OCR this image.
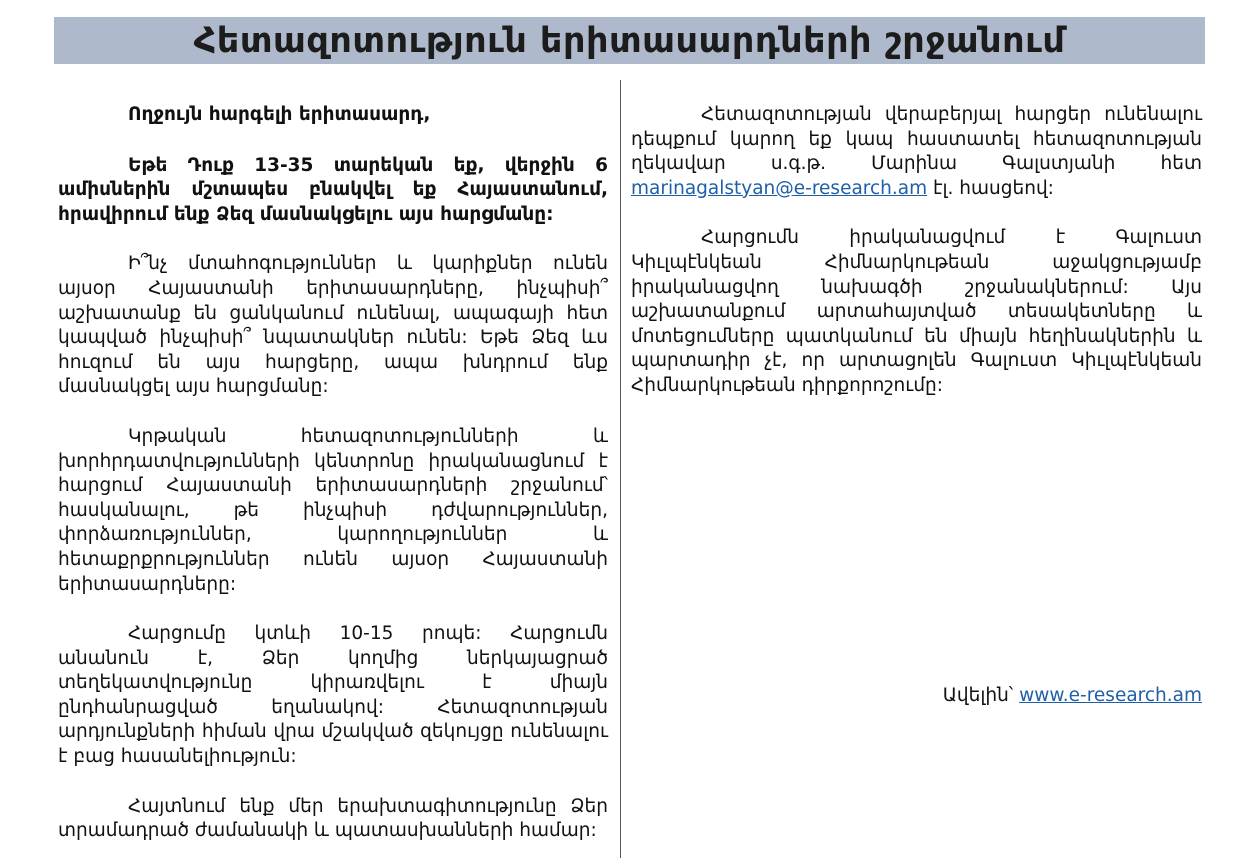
Հետազոտություն երիտասարդների շրջանում

Ողջույն հարգելի երիտասարդ,

Եթե Դուք 13-35 տարեկան եք, վերջին 6 ամիսներին մշտապես բնակվել եք Հայաստանում, հրավիրում ենք Ձեզ մասնակցելու այս հարցմանը:

Ի՞նչ մտահոգություններ և կարիքներ ունեն այսօր Հայաստանի երիտասարդները, ինչպիսի՞ աշխատանք են ցանկանում ունենալ, ապագայի հետ կապված ինչպիսի՞ նպատակներ ունեն: Եթե Ձեզ ևս հուզում են այս հարցերը, ապա խնդրում ենք մասնակցել այս հարցմանը:

Կրթական հետազոտությունների և խորհրդատվությունների կենտրոնը իրականացնում է հարցում Հայաստանի երիտասարդների շրջանում՝ հասկանալու, թե ինչպիսի դժվարություններ, փորձառություններ, կարողություններ և հետաքրքրություններ ունեն այսօր Հայաստանի երիտասարդները:

Հարցումը կտևի 10-15 րոպե: Հարցումն անանուն է, Ձեր կողմից ներկայացրած տեղեկատվությունը կիրառվելու է միայն ընդհանրացված եղանակով: Հետազոտության արդյունքների հիման վրա մշակված զեկույցը ունենալու է բաց հասանելիություն:

Հայտնում ենք մեր երախտագիտությունը Ձեր տրամադրած ժամանակի և պատասխանների համար:

Հետազոտության վերաբերյալ հարցեր ունենալու դեպքում կարող եք կապ հաստատել հետազոտության ղեկավար ս.գ.թ. Մարինա Գալստյանի հետ marinagalstyan@e-research.am էլ. հասցեով:

Հարցումն իրականացվում է Գալուստ Կիւլպէնկեան Հիմնարկութեան աջակցությամբ իրականացվող նախագծի շրջանակներում: Այս աշխատանքում արտահայտված տեսակետները և մոտեցումները պատկանում են միայն հեղինակներին և պարտադիր չէ, որ արտացոլեն Գալուստ Կիւլպէնկեան Հիմնարկութեան դիրքորոշումը:

Ավելին՝ www.e-research.am
